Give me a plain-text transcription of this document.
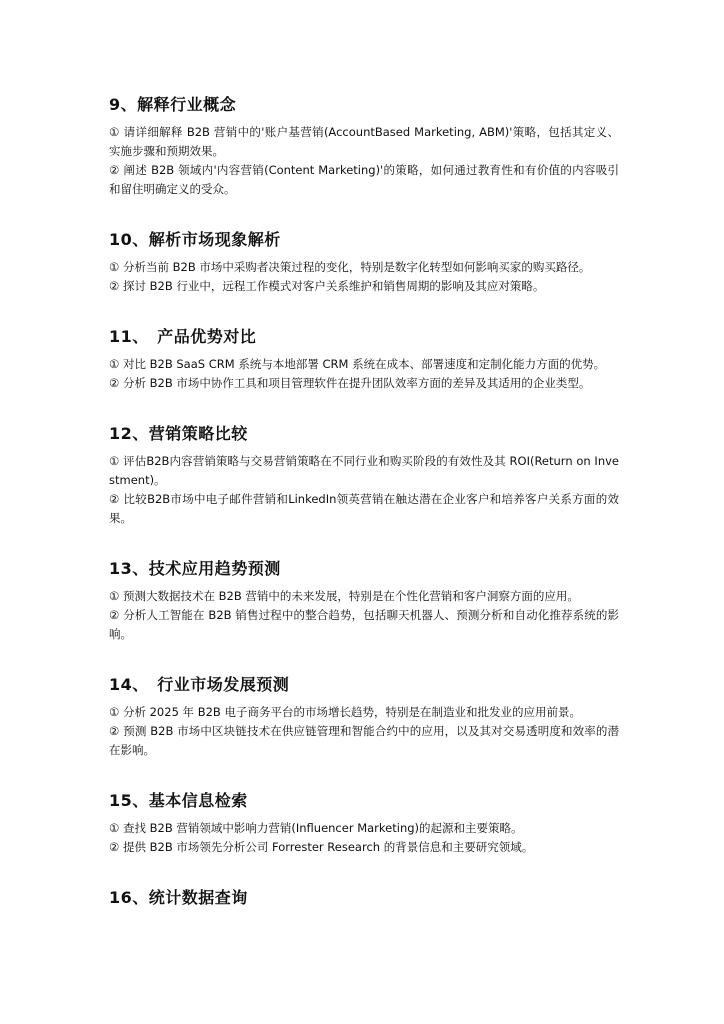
9、解释行业概念

① 请详细解释 B2B 营销中的'账户基营销(AccountBased Marketing, ABM)'策略，包括其定义、实施步骤和预期效果。

② 阐述 B2B 领域内'内容营销(Content Marketing)'的策略，如何通过教育性和有价值的内容吸引和留住明确定义的受众。

10、解析市场现象解析

① 分析当前 B2B 市场中采购者决策过程的变化，特别是数字化转型如何影响买家的购买路径。

② 探讨 B2B 行业中，远程工作模式对客户关系维护和销售周期的影响及其应对策略。

11、　产品优势对比

① 对比 B2B SaaS CRM 系统与本地部署 CRM 系统在成本、部署速度和定制化能力方面的优势。

② 分析 B2B 市场中协作工具和项目管理软件在提升团队效率方面的差异及其适用的企业类型。

12、营销策略比较

① 评估B2B内容营销策略与交易营销策略在不同行业和购买阶段的有效性及其 ROI(Return on Investment)。

② 比较B2B市场中电子邮件营销和LinkedIn领英营销在触达潜在企业客户和培养客户关系方面的效果。

13、技术应用趋势预测

① 预测大数据技术在 B2B 营销中的未来发展，特别是在个性化营销和客户洞察方面的应用。

② 分析人工智能在 B2B 销售过程中的整合趋势，包括聊天机器人、预测分析和自动化推荐系统的影响。

14、　行业市场发展预测

① 分析 2025 年 B2B 电子商务平台的市场增长趋势，特别是在制造业和批发业的应用前景。

② 预测 B2B 市场中区块链技术在供应链管理和智能合约中的应用，以及其对交易透明度和效率的潜在影响。

15、基本信息检索

① 查找 B2B 营销领域中影响力营销(Influencer Marketing)的起源和主要策略。

② 提供 B2B 市场领先分析公司 Forrester Research 的背景信息和主要研究领域。

16、统计数据查询
